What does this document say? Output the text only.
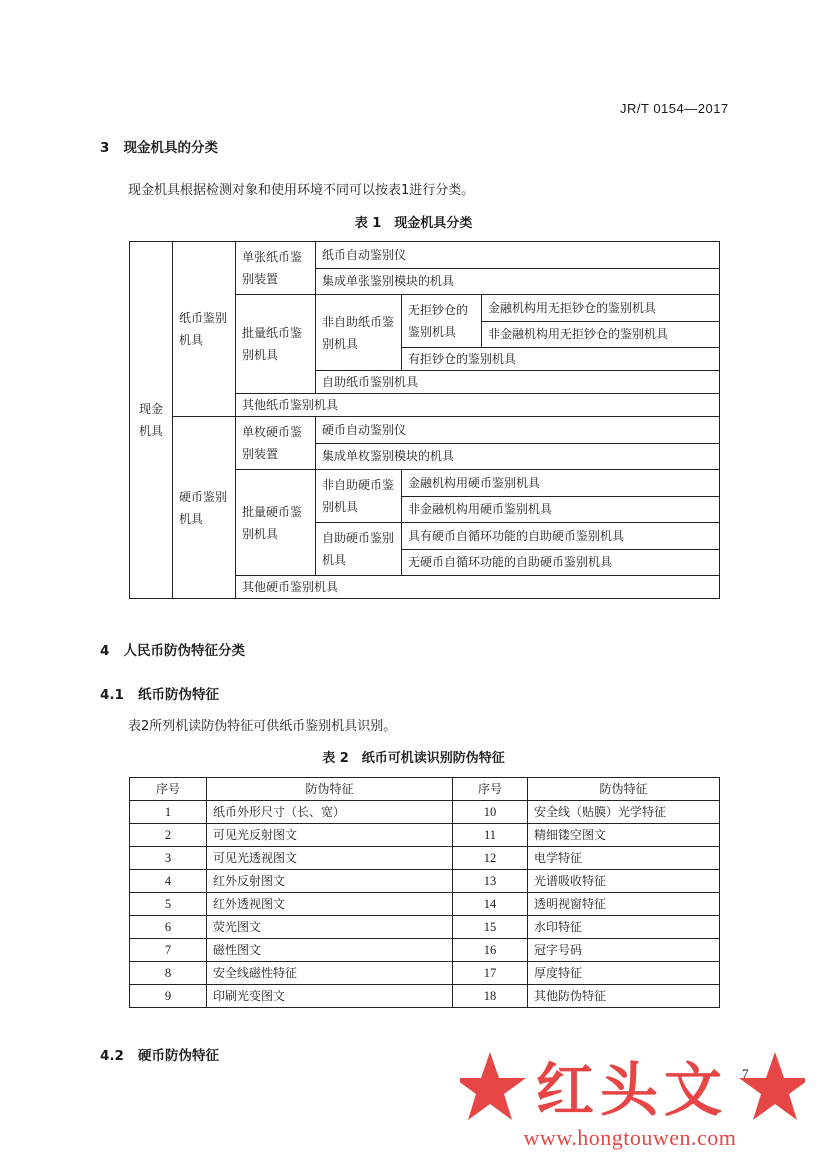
JR/T 0154—2017
3 现金机具的分类
现金机具根据检测对象和使用环境不同可以按表1进行分类。
表 1　现金机具分类
现金机具	纸币鉴别机具	单张纸币鉴别装置	纸币自动鉴别仪		
			集成单张鉴别模块的机具		
		批量纸币鉴别机具	非自助纸币鉴别机具	无拒钞仓的鉴别机具	金融机构用无拒钞仓的鉴别机具
					非金融机构用无拒钞仓的鉴别机具
				有拒钞仓的鉴别机具	
			自助纸币鉴别机具		
		其他纸币鉴别机具			
	硬币鉴别机具	单枚硬币鉴别装置	硬币自动鉴别仪		
			集成单枚鉴别模块的机具		
		批量硬币鉴别机具	非自助硬币鉴别机具	金融机构用硬币鉴别机具	
				非金融机构用硬币鉴别机具	
			自助硬币鉴别机具	具有硬币自循环功能的自助硬币鉴别机具	
				无硬币自循环功能的自助硬币鉴别机具	
		其他硬币鉴别机具			
4 人民币防伪特征分类
4.1 纸币防伪特征
表2所列机读防伪特征可供纸币鉴别机具识别。
表 2　纸币可机读识别防伪特征
序号	防伪特征	序号	防伪特征
1	纸币外形尺寸（长、宽）	10	安全线（贴膜）光学特征
2	可见光反射图文	11	精细镂空图文
3	可见光透视图文	12	电学特征
4	红外反射图文	13	光谱吸收特征
5	红外透视图文	14	透明视窗特征
6	荧光图文	15	水印特征
7	磁性图文	16	冠字号码
8	安全线磁性特征	17	厚度特征
9	印刷光变图文	18	其他防伪特征
4.2 硬币防伪特征
7
红头文
www.hongtouwen.com
